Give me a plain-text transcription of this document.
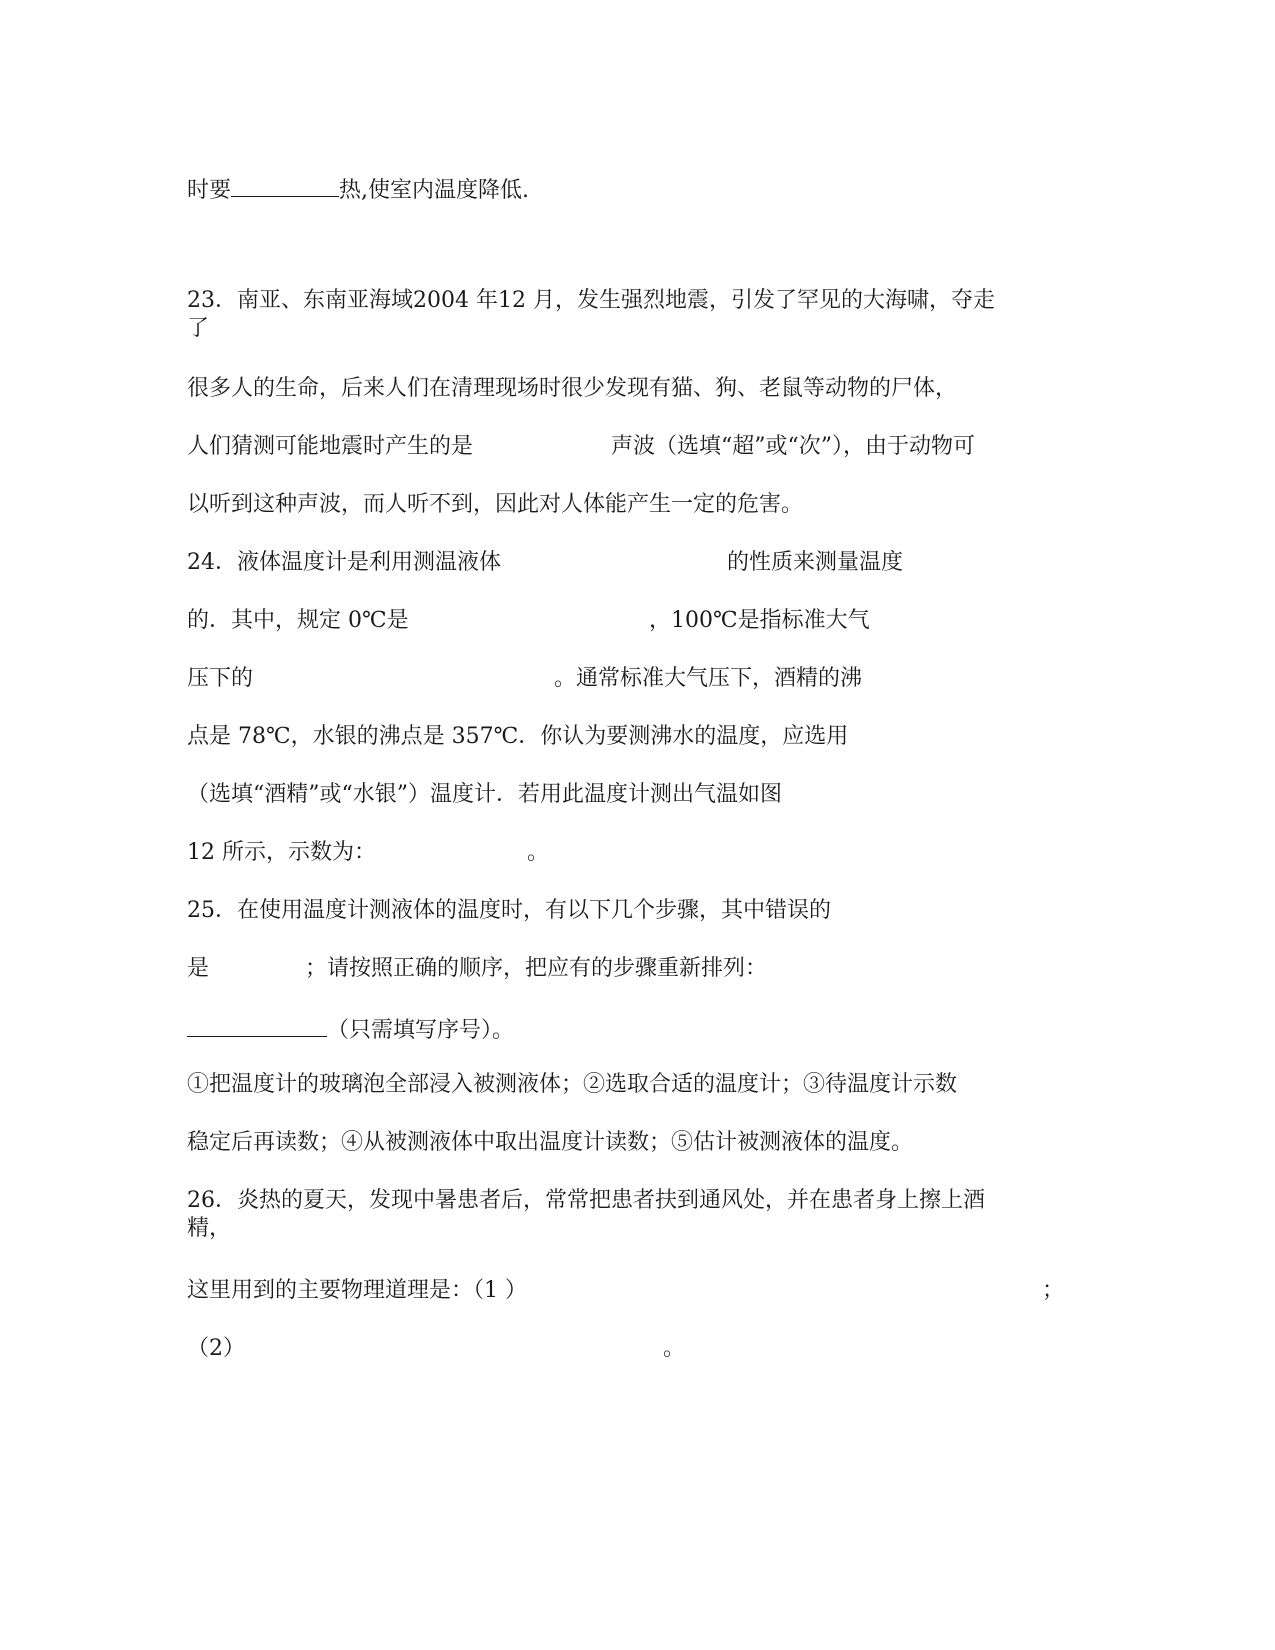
时要	热,使室内温度降低.
23．南亚、东南亚海域2004 年12 月，发生强烈地震，引发了罕见的大海啸，夺走
了
很多人的生命，后来人们在清理现场时很少发现有猫、狗、老鼠等动物的尸体，
人们猜测可能地震时产生的是	声波（选填“超”或“次”），由于动物可
以听到这种声波，而人听不到，因此对人体能产生一定的危害。
24．液体温度计是利用测温液体	的性质来测量温度
的．其中，规定 0℃是	，100℃是指标准大气
压下的	。通常标准大气压下，酒精的沸
点是 78℃，水银的沸点是 357℃．你认为要测沸水的温度，应选用
（选填“酒精”或“水银”）温度计．若用此温度计测出气温如图
12 所示，示数为：	。
25．在使用温度计测液体的温度时，有以下几个步骤，其中错误的
是	；请按照正确的顺序，把应有的步骤重新排列：
（只需填写序号）。
①把温度计的玻璃泡全部浸入被测液体；②选取合适的温度计；③待温度计示数
稳定后再读数；④从被测液体中取出温度计读数；⑤估计被测液体的温度。
26．炎热的夏天，发现中暑患者后，常常把患者扶到通风处，并在患者身上擦上酒
精，
这里用到的主要物理道理是：（1 ）	；
（2）	。
